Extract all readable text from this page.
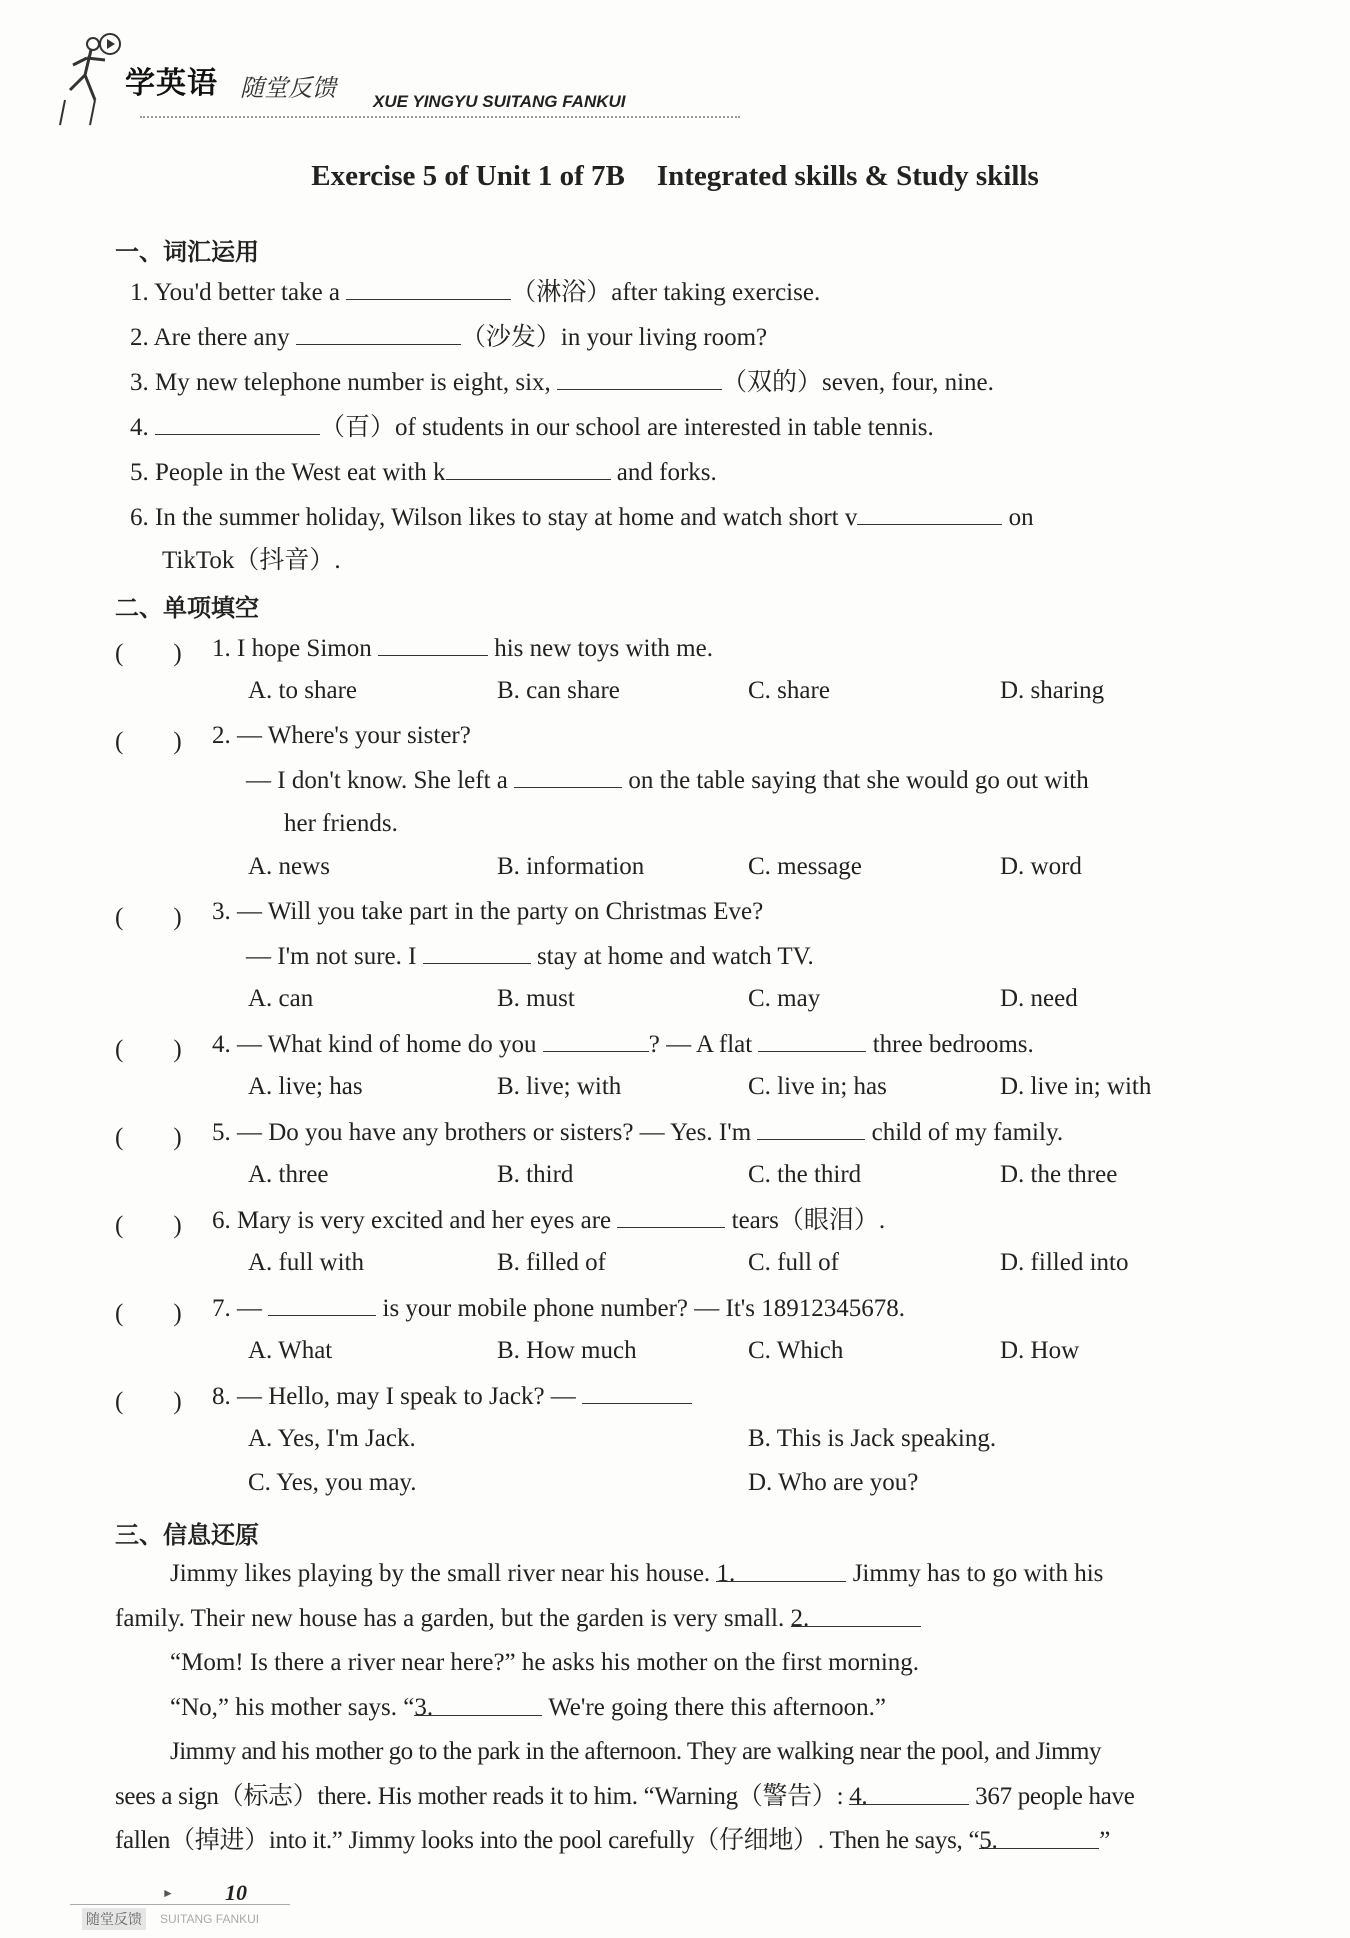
学英语 随堂反馈 XUE YINGYU SUITANG FANKUI
Exercise 5 of Unit 1 of 7B Integrated skills & Study skills
一、词汇运用
1. You'd better take a	（淋浴）after taking exercise.
2. Are there any	（沙发）in your living room?
3. My new telephone number is eight, six,	（双的）seven, four, nine.
4.	（百）of students in our school are interested in table tennis.
5. People in the West eat with k	and forks.
6. In the summer holiday, Wilson likes to stay at home and watch short v	on
TikTok（抖音）.
二、单项填空
(　　) 1. I hope Simon	his new toys with me.
A. to share	B. can share	C. share	D. sharing
(　　) 2. — Where's your sister?
— I don't know. She left a	on the table saying that she would go out with
her friends.
A. news	B. information	C. message	D. word
(　　) 3. — Will you take part in the party on Christmas Eve?
— I'm not sure. I	stay at home and watch TV.
A. can	B. must	C. may	D. need
(　　) 4. — What kind of home do you	? — A flat	three bedrooms.
A. live; has	B. live; with	C. live in; has	D. live in; with
(　　) 5. — Do you have any brothers or sisters? — Yes. I'm	child of my family.
A. three	B. third	C. the third	D. the three
(　　) 6. Mary is very excited and her eyes are	tears（眼泪）.
A. full with	B. filled of	C. full of	D. filled into
(　　) 7. —	is your mobile phone number? — It's 18912345678.
A. What	B. How much	C. Which	D. How
(　　) 8. — Hello, may I speak to Jack? —
A. Yes, I'm Jack.	B. This is Jack speaking.
C. Yes, you may.	D. Who are you?
三、信息还原
Jimmy likes playing by the small river near his house. 1.	Jimmy has to go with his
family. Their new house has a garden, but the garden is very small. 2.
“Mom! Is there a river near here?” he asks his mother on the first morning.
“No,” his mother says. “3.	We're going there this afternoon.”
Jimmy and his mother go to the park in the afternoon. They are walking near the pool, and Jimmy
sees a sign（标志）there. His mother reads it to him. “Warning（警告）: 4.	367 people have
fallen（掉进）into it.” Jimmy looks into the pool carefully（仔细地）. Then he says, “5.	”
► 10
随堂反馈	SUITANG FANKUI
